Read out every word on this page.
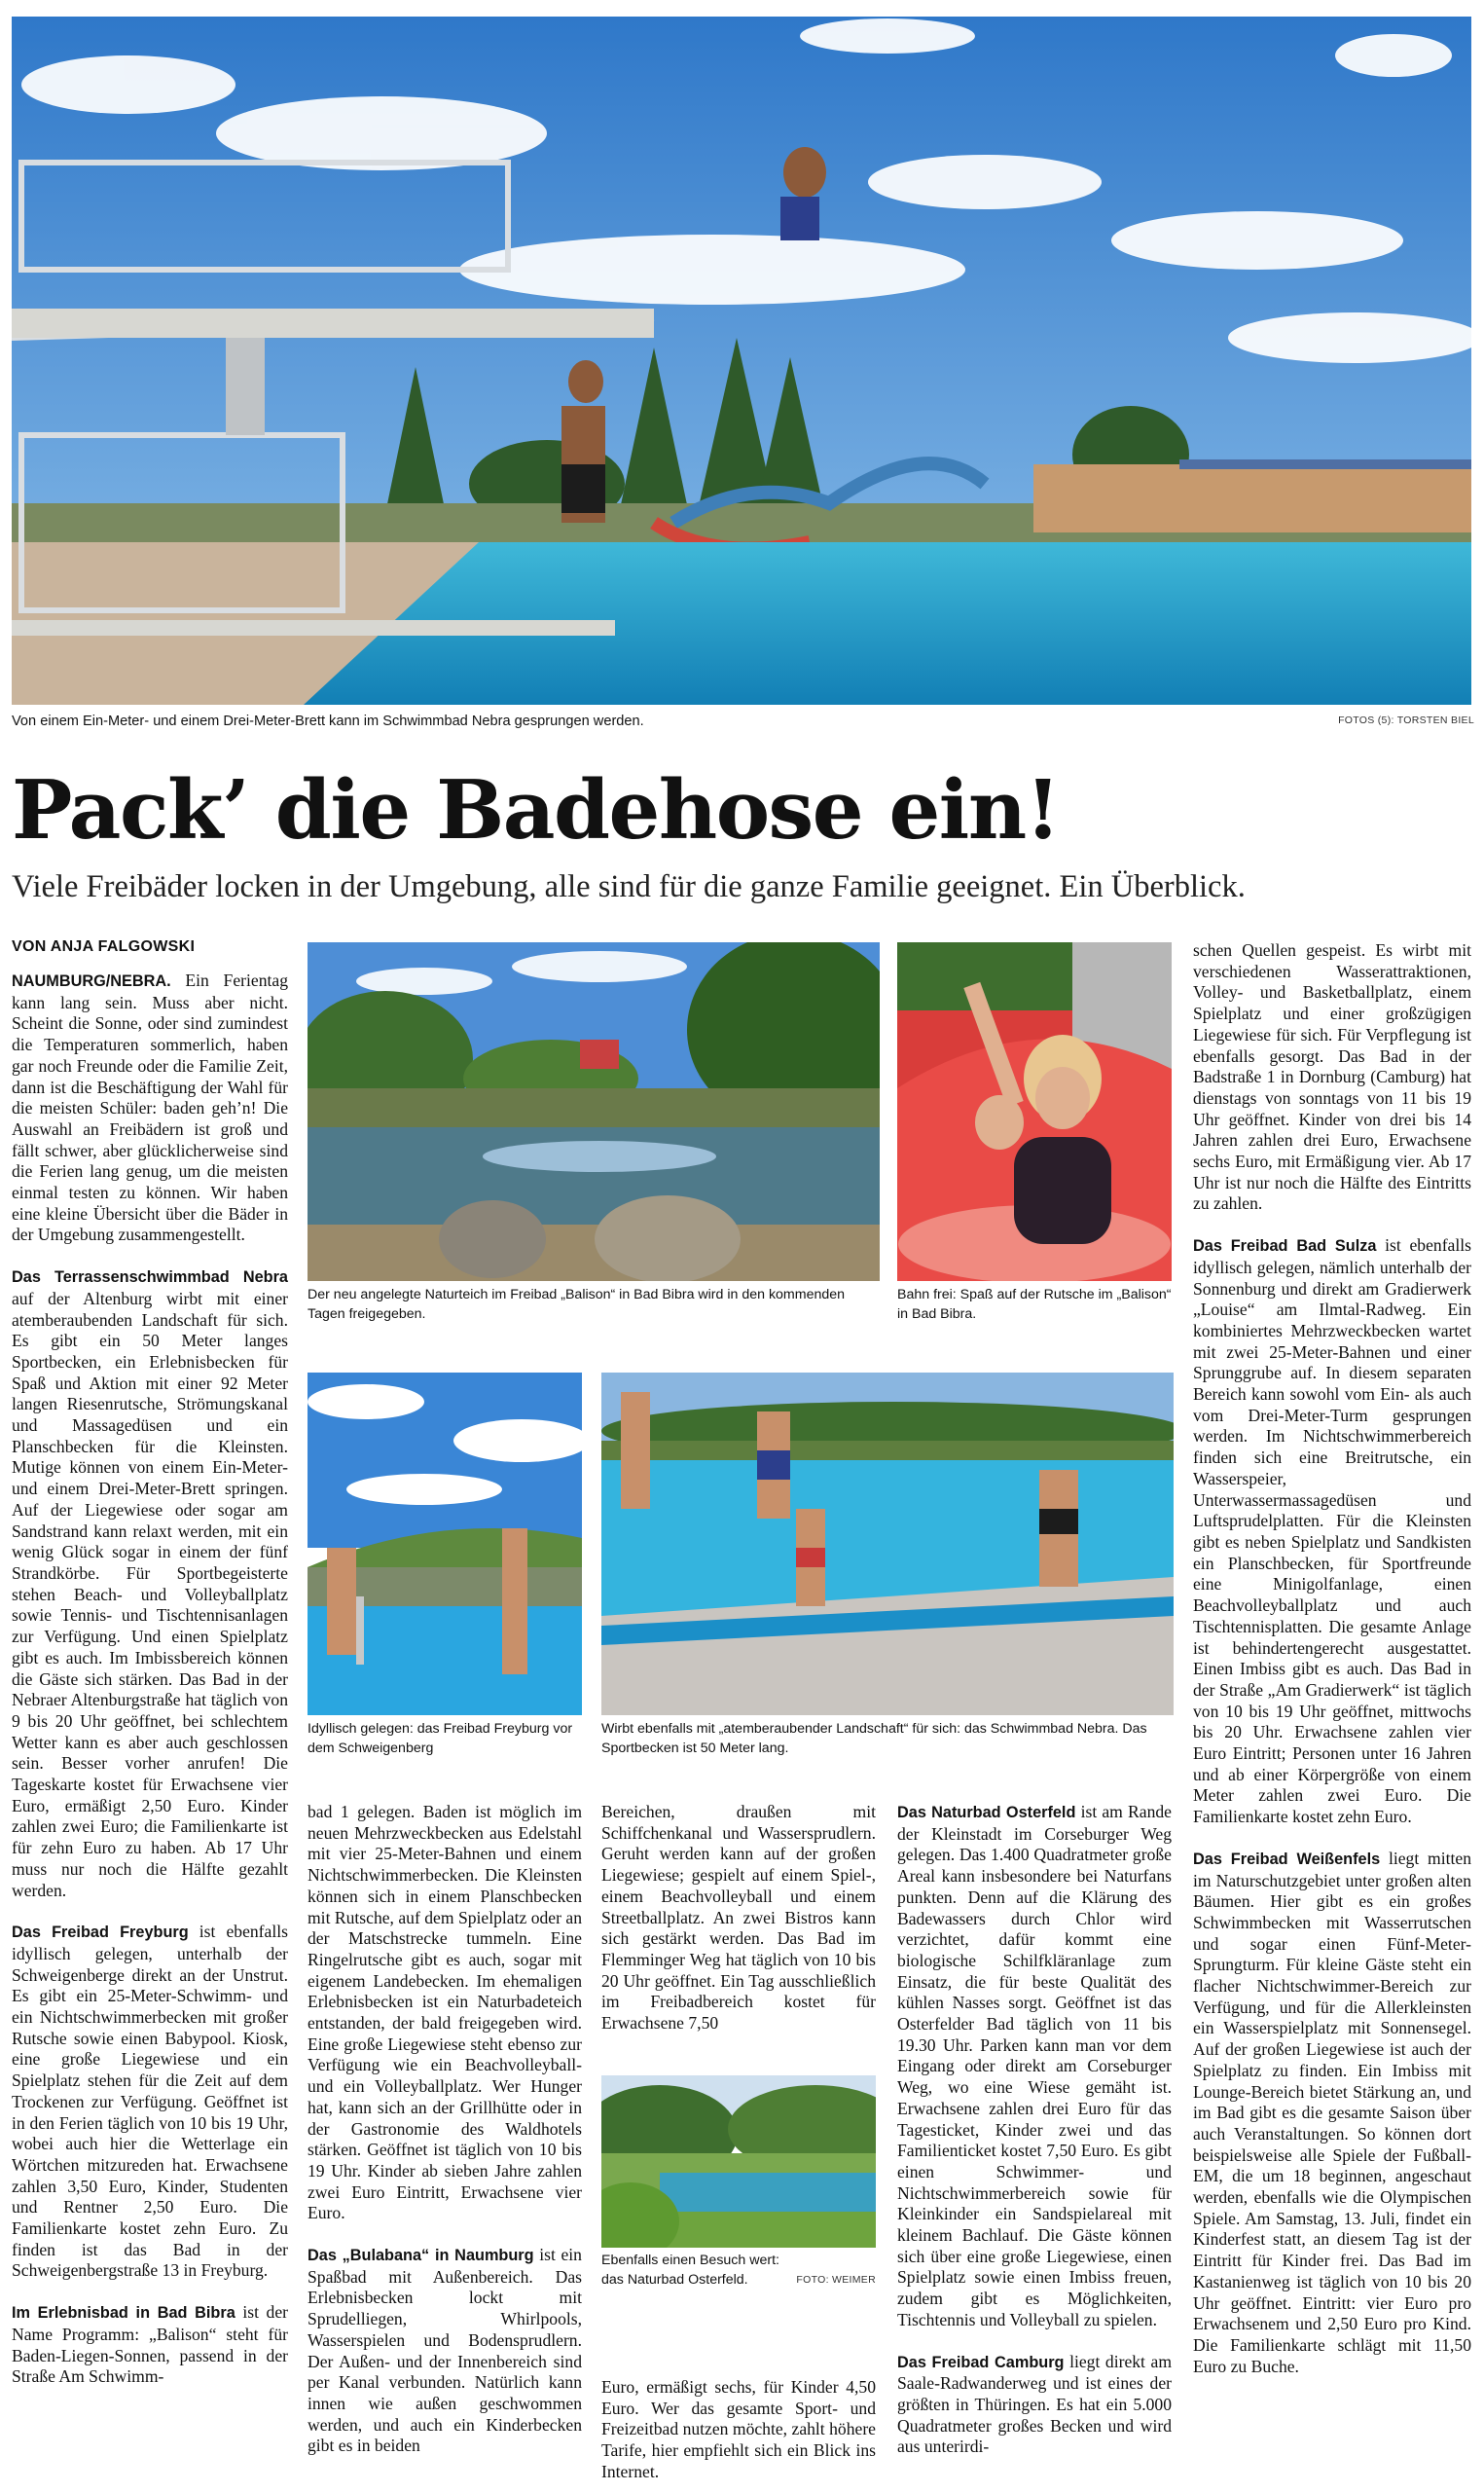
Von einem Ein-Meter- und einem Drei-Meter-Brett kann im Schwimmbad Nebra gesprungen werden.	FOTOS (5): TORSTEN BIEL
Pack’ die Badehose ein!
Viele Freibäder locken in der Umgebung, alle sind für die ganze Familie geeignet. Ein Überblick.
VON ANJA FALGOWSKI
Der neu angelegte Naturteich im Freibad „Balison“ in Bad Bibra wird in den kommenden Tagen freigegeben.
Bahn frei: Spaß auf der Rutsche im „Balison“ in Bad Bibra.
Idyllisch gelegen: das Freibad Freyburg vor dem Schweigenberg
Wirbt ebenfalls mit „atemberaubender Landschaft“ für sich: das Schwimmbad Nebra. Das Sportbecken ist 50 Meter lang.
Ebenfalls einen Besuch wert: das Naturbad Osterfeld.	FOTO: WEIMER

NAUMBURG/NEBRA. Ein Ferientag kann lang sein. Muss aber nicht. Scheint die Sonne, oder sind zumindest die Temperaturen sommerlich, haben gar noch Freunde oder die Familie Zeit, dann ist die Beschäftigung der Wahl für die meisten Schüler: baden geh’n! Die Auswahl an Freibädern ist groß und fällt schwer, aber glücklicherweise sind die Ferien lang genug, um die meisten einmal testen zu können. Wir haben eine kleine Übersicht über die Bäder in der Umgebung zusammengestellt.

Das Terrassenschwimmbad Nebra auf der Altenburg wirbt mit einer atemberaubenden Landschaft für sich. Es gibt ein 50 Meter langes Sportbecken, ein Erlebnisbecken für Spaß und Aktion mit einer 92 Meter langen Riesenrutsche, Strömungskanal und Massagedüsen und ein Planschbecken für die Kleinsten. Mutige können von einem Ein-Meter- und einem Drei-Meter-Brett springen. Auf der Liegewiese oder sogar am Sandstrand kann relaxt werden, mit ein wenig Glück sogar in einem der fünf Strandkörbe. Für Sportbegeisterte stehen Beach- und Volleyballplatz sowie Tennis- und Tischtennisanlagen zur Verfügung. Und einen Spielplatz gibt es auch. Im Imbissbereich können die Gäste sich stärken. Das Bad in der Nebraer Altenburgstraße hat täglich von 9 bis 20 Uhr geöffnet, bei schlechtem Wetter kann es aber auch geschlossen sein. Besser vorher anrufen! Die Tageskarte kostet für Erwachsene vier Euro, ermäßigt 2,50 Euro. Kinder zahlen zwei Euro; die Familienkarte ist für zehn Euro zu haben. Ab 17 Uhr muss nur noch die Hälfte gezahlt werden.

Das Freibad Freyburg ist ebenfalls idyllisch gelegen, unterhalb der Schweigenberge direkt an der Unstrut. Es gibt ein 25-Meter-Schwimm- und ein Nichtschwimmerbecken mit großer Rutsche sowie einen Babypool. Kiosk, eine große Liegewiese und ein Spielplatz stehen für die Zeit auf dem Trockenen zur Verfügung. Geöffnet ist in den Ferien täglich von 10 bis 19 Uhr, wobei auch hier die Wetterlage ein Wörtchen mitzureden hat. Erwachsene zahlen 3,50 Euro, Kinder, Studenten und Rentner 2,50 Euro. Die Familienkarte kostet zehn Euro. Zu finden ist das Bad in der Schweigenbergstraße 13 in Freyburg.

Im Erlebnisbad in Bad Bibra ist der Name Programm: „Balison“ steht für Baden-Liegen-Sonnen, passend in der Straße Am Schwimm-

bad 1 gelegen. Baden ist möglich im neuen Mehrzweckbecken aus Edelstahl mit vier 25-Meter-Bahnen und einem Nichtschwimmerbecken. Die Kleinsten können sich in einem Planschbecken mit Rutsche, auf dem Spielplatz oder an der Matschstrecke tummeln. Eine Ringelrutsche gibt es auch, sogar mit eigenem Landebecken. Im ehemaligen Erlebnisbecken ist ein Naturbadeteich entstanden, der bald freigegeben wird. Eine große Liegewiese steht ebenso zur Verfügung wie ein Beachvolleyball- und ein Volleyballplatz. Wer Hunger hat, kann sich an der Grillhütte oder in der Gastronomie des Waldhotels stärken. Geöffnet ist täglich von 10 bis 19 Uhr. Kinder ab sieben Jahre zahlen zwei Euro Eintritt, Erwachsene vier Euro.

Das „Bulabana“ in Naumburg ist ein Spaßbad mit Außenbereich. Das Erlebnisbecken lockt mit Sprudelliegen, Whirlpools, Wasserspielen und Bodensprudlern. Der Außen- und der Innenbereich sind per Kanal verbunden. Natürlich kann innen wie außen geschwommen werden, und auch ein Kinderbecken gibt es in beiden

Bereichen, draußen mit Schiffchenkanal und Wassersprudlern. Geruht werden kann auf der großen Liegewiese; gespielt auf einem Spiel-, einem Beachvolleyball und einem Streetballplatz. An zwei Bistros kann sich gestärkt werden. Das Bad im Flemminger Weg hat täglich von 10 bis 20 Uhr geöffnet. Ein Tag ausschließlich im Freibadbereich kostet für Erwachsene 7,50

Euro, ermäßigt sechs, für Kinder 4,50 Euro. Wer das gesamte Sport- und Freizeitbad nutzen möchte, zahlt höhere Tarife, hier empfiehlt sich ein Blick ins Internet.

Das Naturbad Osterfeld ist am Rande der Kleinstadt im Corseburger Weg gelegen. Das 1.400 Quadratmeter große Areal kann insbesondere bei Naturfans punkten. Denn auf die Klärung des Badewassers durch Chlor wird verzichtet, dafür kommt eine biologische Schilfkläranlage zum Einsatz, die für beste Qualität des kühlen Nasses sorgt. Geöffnet ist das Osterfelder Bad täglich von 11 bis 19.30 Uhr. Parken kann man vor dem Eingang oder direkt am Corseburger Weg, wo eine Wiese gemäht ist. Erwachsene zahlen drei Euro für das Tagesticket, Kinder zwei und das Familienticket kostet 7,50 Euro. Es gibt einen Schwimmer- und Nichtschwimmerbereich sowie für Kleinkinder ein Sandspielareal mit kleinem Bachlauf. Die Gäste können sich über eine große Liegewiese, einen Spielplatz sowie einen Imbiss freuen, zudem gibt es Möglichkeiten, Tischtennis und Volleyball zu spielen.

Das Freibad Camburg liegt direkt am Saale-Radwanderweg und ist eines der größten in Thüringen. Es hat ein 5.000 Quadratmeter großes Becken und wird aus unterirdi-

schen Quellen gespeist. Es wirbt mit verschiedenen Wasserattraktionen, Volley- und Basketballplatz, einem Spielplatz und einer großzügigen Liegewiese für sich. Für Verpflegung ist ebenfalls gesorgt. Das Bad in der Badstraße 1 in Dornburg (Camburg) hat dienstags von sonntags von 11 bis 19 Uhr geöffnet. Kinder von drei bis 14 Jahren zahlen drei Euro, Erwachsene sechs Euro, mit Ermäßigung vier. Ab 17 Uhr ist nur noch die Hälfte des Eintritts zu zahlen.

Das Freibad Bad Sulza ist ebenfalls idyllisch gelegen, nämlich unterhalb der Sonnenburg und direkt am Gradierwerk „Louise“ am Ilmtal-Radweg. Ein kombiniertes Mehrzweckbecken wartet mit zwei 25-Meter-Bahnen und einer Sprunggrube auf. In diesem separaten Bereich kann sowohl vom Ein- als auch vom Drei-Meter-Turm gesprungen werden. Im Nichtschwimmerbereich finden sich eine Breitrutsche, ein Wasserspeier, Unterwassermassagedüsen und Luftsprudelplatten. Für die Kleinsten gibt es neben Spielplatz und Sandkisten ein Planschbecken, für Sportfreunde eine Minigolfanlage, einen Beachvolleyballplatz und auch Tischtennisplatten. Die gesamte Anlage ist behindertengerecht ausgestattet. Einen Imbiss gibt es auch. Das Bad in der Straße „Am Gradierwerk“ ist täglich von 10 bis 19 Uhr geöffnet, mittwochs bis 20 Uhr. Erwachsene zahlen vier Euro Eintritt; Personen unter 16 Jahren und ab einer Körpergröße von einem Meter zahlen zwei Euro. Die Familienkarte kostet zehn Euro.

Das Freibad Weißenfels liegt mitten im Naturschutzgebiet unter großen alten Bäumen. Hier gibt es ein großes Schwimmbecken mit Wasserrutschen und sogar einen Fünf-Meter-Sprungturm. Für kleine Gäste steht ein flacher Nichtschwimmer-Bereich zur Verfügung, und für die Allerkleinsten ein Wasserspielplatz mit Sonnensegel. Auf der großen Liegewiese ist auch der Spielplatz zu finden. Ein Imbiss mit Lounge-Bereich bietet Stärkung an, und im Bad gibt es die gesamte Saison über auch Veranstaltungen. So können dort beispielsweise alle Spiele der Fußball-EM, die um 18 beginnen, angeschaut werden, ebenfalls wie die Olympischen Spiele. Am Samstag, 13. Juli, findet ein Kinderfest statt, an diesem Tag ist der Eintritt für Kinder frei. Das Bad im Kastanienweg ist täglich von 10 bis 20 Uhr geöffnet. Eintritt: vier Euro pro Erwachsenem und 2,50 Euro pro Kind. Die Familienkarte schlägt mit 11,50 Euro zu Buche.
